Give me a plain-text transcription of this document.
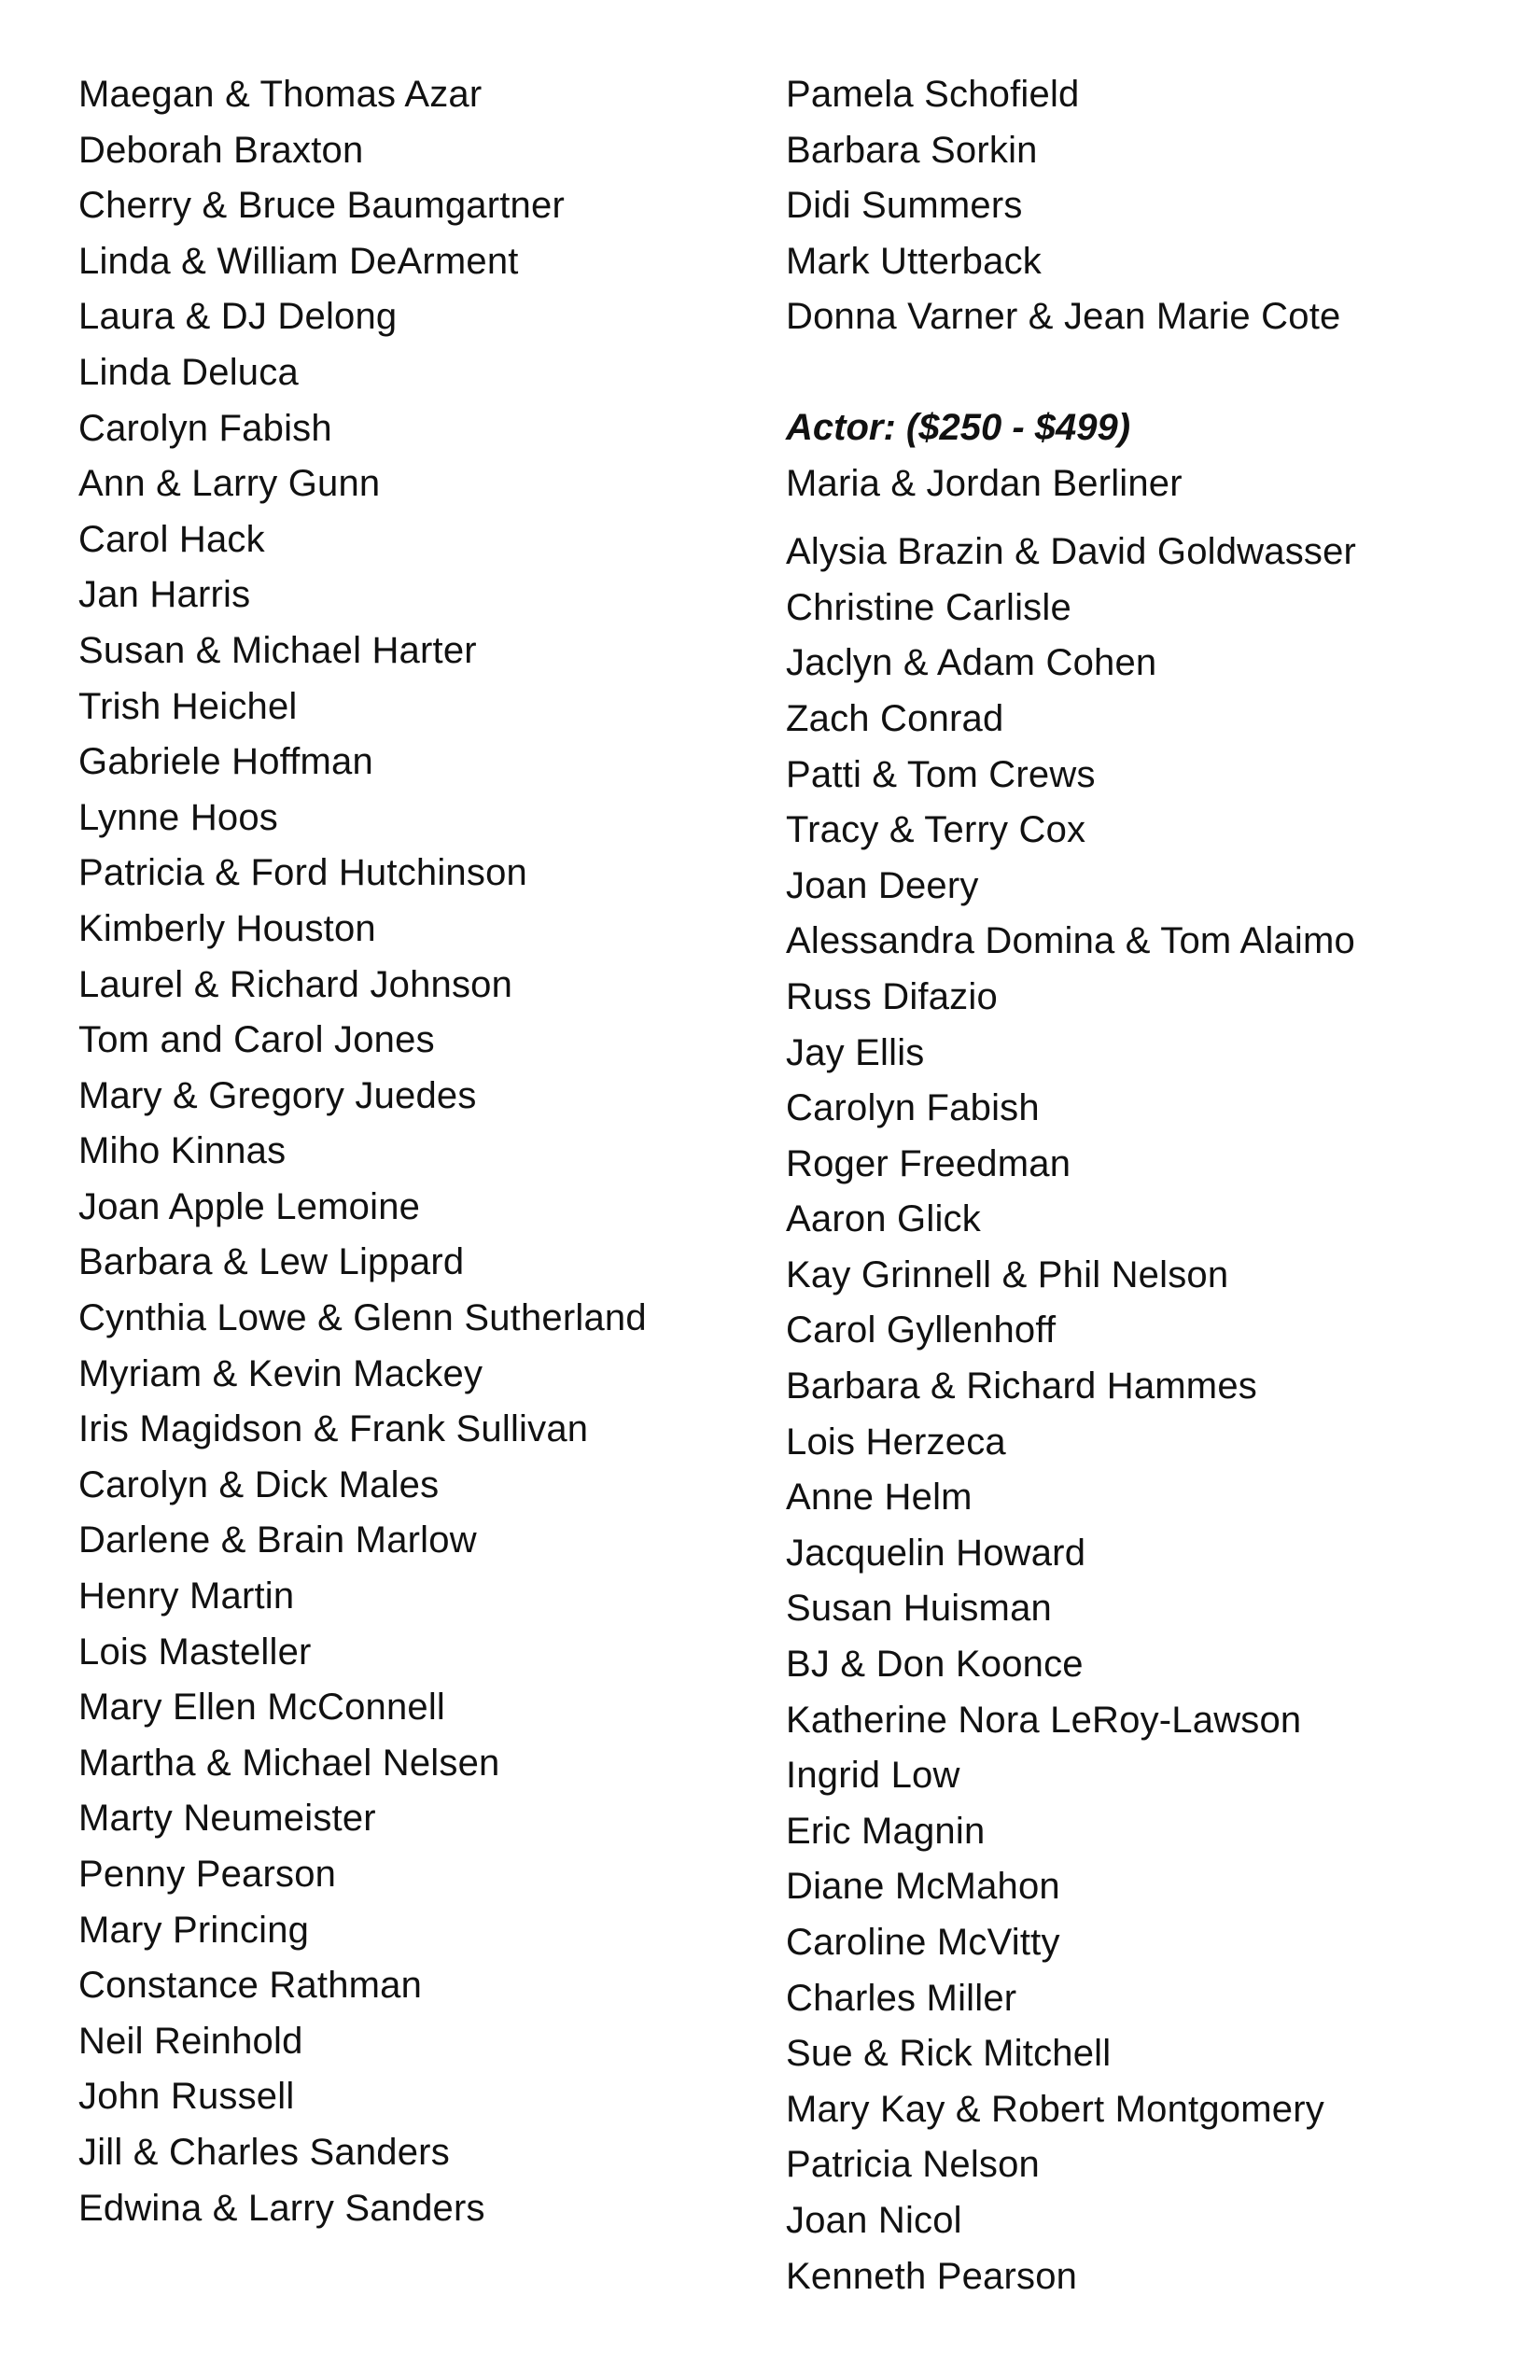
Maegan & Thomas Azar
Deborah Braxton
Cherry & Bruce Baumgartner
Linda & William DeArment
Laura & DJ Delong
Linda Deluca
Carolyn Fabish
Ann & Larry Gunn
Carol Hack
Jan Harris
Susan & Michael Harter
Trish Heichel
Gabriele Hoffman
Lynne Hoos
Patricia & Ford Hutchinson
Kimberly Houston
Laurel & Richard Johnson
Tom and Carol Jones
Mary & Gregory Juedes
Miho Kinnas
Joan Apple Lemoine
Barbara & Lew Lippard
Cynthia Lowe & Glenn Sutherland
Myriam & Kevin Mackey
Iris Magidson & Frank Sullivan
Carolyn & Dick Males
Darlene & Brain Marlow
Henry Martin
Lois Masteller
Mary Ellen McConnell
Martha & Michael Nelsen
Marty Neumeister
Penny Pearson
Mary Princing
Constance Rathman
Neil Reinhold
John Russell
Jill & Charles Sanders
Edwina & Larry Sanders
Pamela Schofield
Barbara Sorkin
Didi Summers
Mark Utterback
Donna Varner & Jean Marie Cote
Actor: ($250 - $499)
Maria & Jordan Berliner
Alysia Brazin & David Goldwasser
Christine Carlisle
Jaclyn & Adam Cohen
Zach Conrad
Patti & Tom Crews
Tracy & Terry Cox
Joan Deery
Alessandra Domina & Tom Alaimo
Russ Difazio
Jay Ellis
Carolyn Fabish
Roger Freedman
Aaron Glick
Kay Grinnell & Phil Nelson
Carol Gyllenhoff
Barbara & Richard Hammes
Lois Herzeca
Anne Helm
Jacquelin Howard
Susan Huisman
BJ & Don Koonce
Katherine Nora LeRoy-Lawson
Ingrid Low
Eric Magnin
Diane McMahon
Caroline McVitty
Charles Miller
Sue & Rick Mitchell
Mary Kay & Robert Montgomery
Patricia Nelson
Joan Nicol
Kenneth Pearson
